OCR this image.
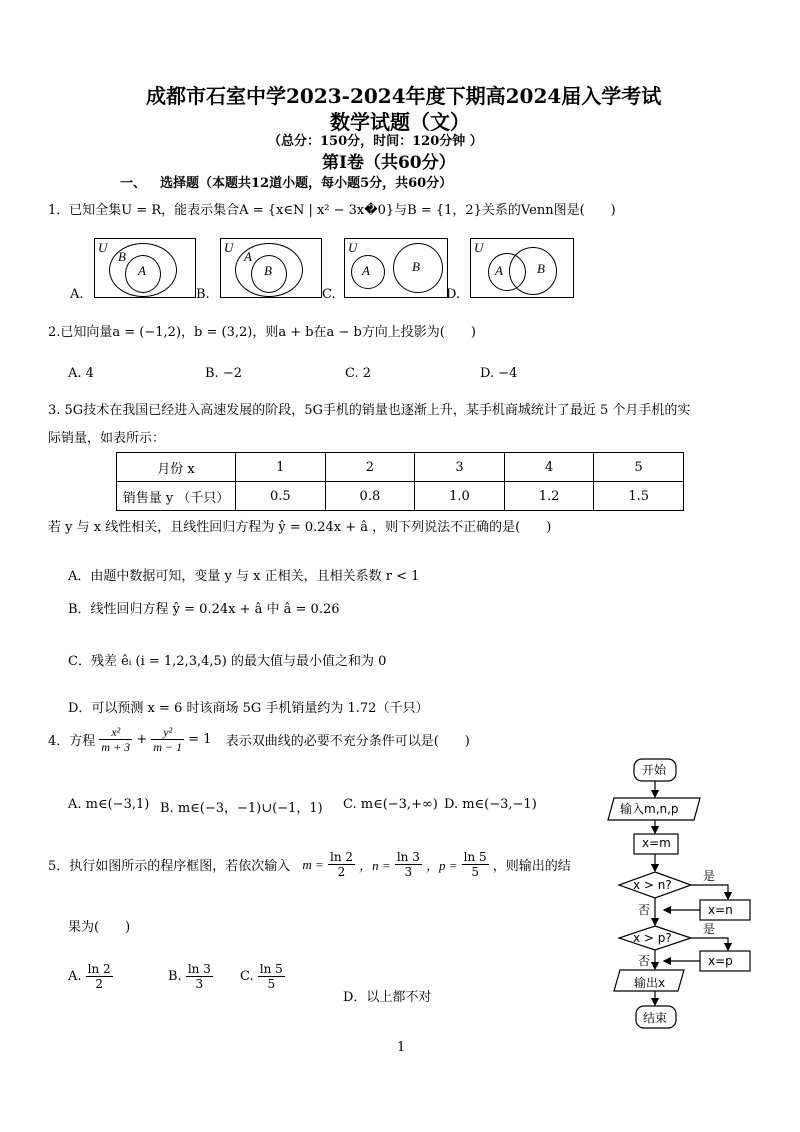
成都市石室中学2023-2024年度下期高2024届入学考试
数学试题（文）
（总分：150分，时间：120分钟 ）
第Ⅰ卷（共60分）
一、 选择题（本题共12道小题，每小题5分，共60分）
1．已知全集U = R，能表示集合A = {x∈N | x² − 3x�0}与B = {1，2}关系的Venn图是(　　)
A.
U
B
A
B.
U
A
B
C.
U
A	B
D.
U
A	B
2.已知向量a = (−1,2)，b = (3,2)，则a + b在a − b方向上投影为(　　)
A. 4	B. −2	C. 2	D. −4
3. 5G技术在我国已经进入高速发展的阶段，5G手机的销量也逐渐上升，某手机商城统计了最近 5 个月手机的实
际销量，如表所示：
月份 x	1	2	3	4	5
销售量 y （千只）	0.5	0.8	1.0	1.2	1.5
若 y 与 x 线性相关，且线性回归方程为 ŷ = 0.24x + â ，则下列说法不正确的是(　　)
A．由题中数据可知，变量 y 与 x 正相关，且相关系数 r < 1
B．线性回归方程 ŷ = 0.24x + â 中 â = 0.26
C．残差 êᵢ (i = 1,2,3,4,5) 的最大值与最小值之和为 0
D．可以预测 x = 6 时该商场 5G 手机销量约为 1.72（千只）
4．方程 $\frac{\text{x²}}{m + 3} + \frac{\text{y²}}{m - 1} = 1$ 表示双曲线的必要不充分条件可以是(　　)
A. m∈(−3,1) B. m∈(−3，−1)∪(−1，1) C. m∈(−3,+∞) D. m∈(−3,−1)
5．执行如图所示的程序框图，若依次输入 $m = \frac{\ln 2}{2}$ ，$n = \frac{\ln 3}{3}$ ，$p = \frac{\ln 5}{5}$ ，则输出的结
果为(　　)
A. $\frac{\ln 2}{2}$	B. $\frac{\ln 3}{3} C$. $\frac{\ln 5}{5}$
D．以上都不对
开始
输入m,n,p
x=m
x > n?
是
x=n
否
x > p?
是
x=p
否
输出x
结束
1
